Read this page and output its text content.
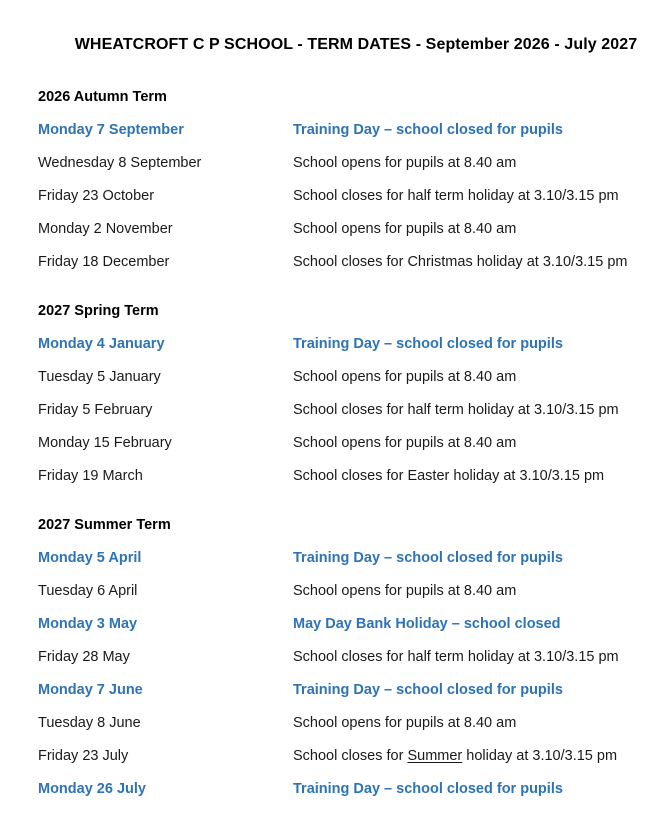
WHEATCROFT C P SCHOOL - TERM DATES - September 2026 - July 2027
2026 Autumn Term
Monday 7 September	Training Day – school closed for pupils
Wednesday 8 September	School opens for pupils at 8.40 am
Friday 23 October	School closes for half term holiday at 3.10/3.15 pm
Monday 2 November	School opens for pupils at 8.40 am
Friday 18 December	School closes for Christmas holiday at 3.10/3.15 pm
2027 Spring Term
Monday 4 January	Training Day – school closed for pupils
Tuesday 5 January	School opens for pupils at 8.40 am
Friday 5 February	School closes for half term holiday at 3.10/3.15 pm
Monday 15 February	School opens for pupils at 8.40 am
Friday 19 March	School closes for Easter holiday at 3.10/3.15 pm
2027 Summer Term
Monday 5 April	Training Day – school closed for pupils
Tuesday 6 April	School opens for pupils at 8.40 am
Monday 3 May	May Day Bank Holiday – school closed
Friday 28 May	School closes for half term holiday at 3.10/3.15 pm
Monday 7 June	Training Day – school closed for pupils
Tuesday 8 June	School opens for pupils at 8.40 am
Friday 23 July	School closes for Summer holiday at 3.10/3.15 pm
Monday 26 July	Training Day – school closed for pupils
